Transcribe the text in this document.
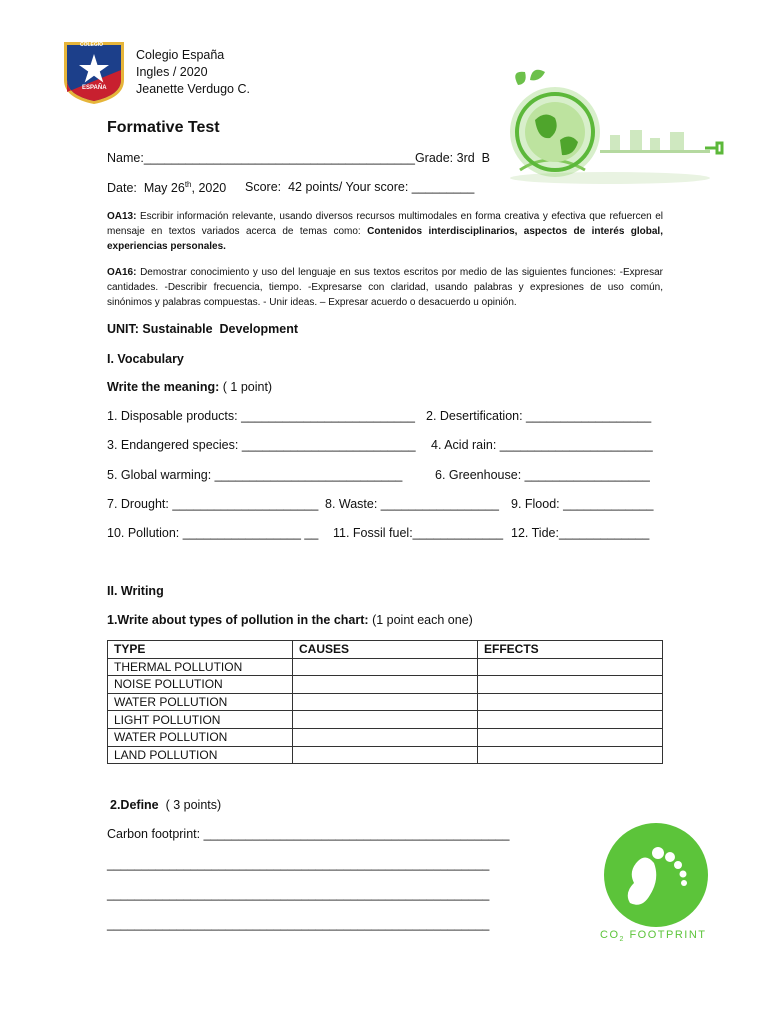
COLEGIO
ESPAÑA
Colegio España
Ingles / 2020
Jeanette Verdugo C.
Formative Test
Name:_______________________________________Grade: 3rd  B
Date:  May 26th, 2020 Score:  42 points/ Your score: _________
OA13: Escribir información relevante, usando diversos recursos multimodales en forma creativa y efectiva que refuercen el mensaje en textos variados acerca de temas como: Contenidos interdisciplinarios, aspectos de interés global, experiencias personales.
OA16: Demostrar conocimiento y uso del lenguaje en sus textos escritos por medio de las siguientes funciones: -Expresar cantidades. -Describir frecuencia, tiempo. -Expresarse con claridad, usando palabras y expresiones de uso común, sinónimos y palabras compuestas. - Unir ideas. – Expresar acuerdo o desacuerdo u opinión.
UNIT: Sustainable  Development
I. Vocabulary
Write the meaning: ( 1 point)
1. Disposable products: _________________________ 2. Desertification: __________________
3. Endangered species: _________________________ 4. Acid rain: ______________________
5. Global warming: ___________________________	6. Greenhouse: __________________
7. Drought: _____________________ 8. Waste: _________________ 9. Flood: _____________
10. Pollution: _________________ __ 11. Fossil fuel:_____________ 12. Tide:_____________
II. Writing
1.Write about types of pollution in the chart: (1 point each one)
TYPE	CAUSES	EFFECTS
THERMAL POLLUTION		
NOISE POLLUTION		
WATER POLLUTION		
LIGHT POLLUTION		
WATER POLLUTION		
LAND POLLUTION		
2.Define  ( 3 points)
Carbon footprint: ____________________________________________
_______________________________________________________
_______________________________________________________
_______________________________________________________
$CO_2$ FOOTPRINT
